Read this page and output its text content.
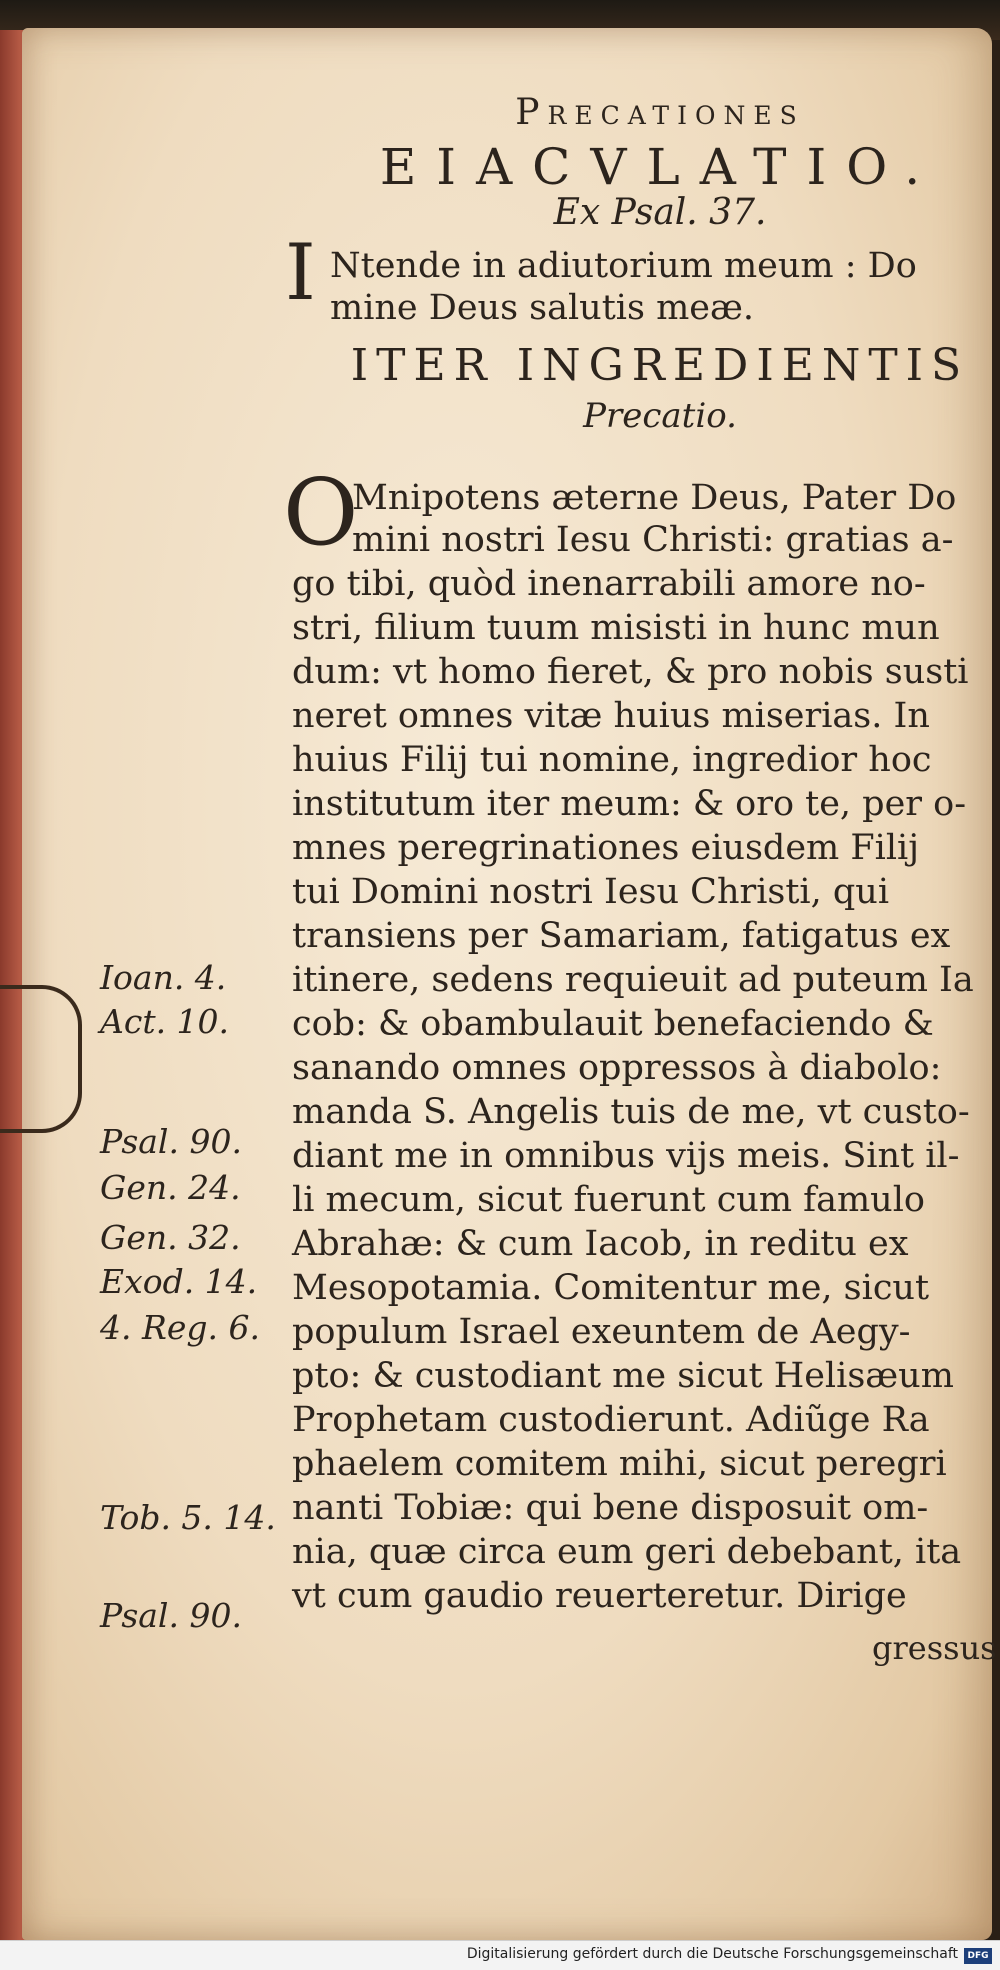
Precationes
EIACVLATIO.
Ex Psal. 37.
I Ntende in adiutorium meum : Do
mine Deus salutis meæ.
ITER INGREDIENTIS
Precatio.
O
Mnipotens æterne Deus, Pater Do
mini nostri Iesu Christi: gratias a-
go tibi, quòd inenarrabili amore no-
stri, filium tuum misisti in hunc mun
dum: vt homo fieret, & pro nobis susti
neret omnes vitæ huius miserias. In
huius Filij tui nomine, ingredior hoc
institutum iter meum: & oro te, per o-
mnes peregrinationes eiusdem Filij
tui Domini nostri Iesu Christi, qui
transiens per Samariam, fatigatus ex
itinere, sedens requieuit ad puteum Ia
cob: & obambulauit benefaciendo &
sanando omnes oppressos à diabolo:
manda S. Angelis tuis de me, vt custo-
diant me in omnibus vijs meis. Sint il-
li mecum, sicut fuerunt cum famulo
Abrahæ: & cum Iacob, in reditu ex
Mesopotamia. Comitentur me, sicut
populum Israel exeuntem de Aegy-
pto: & custodiant me sicut Helisæum
Prophetam custodierunt. Adiũge Ra
phaelem comitem mihi, sicut peregri
nanti Tobiæ: qui bene disposuit om-
nia, quæ circa eum geri debebant, ita
vt cum gaudio reuerteretur. Dirige
gressus
Ioan. 4.
Act. 10.
Psal. 90.
Gen. 24.
Gen. 32.
Exod. 14.
4. Reg. 6.
Tob. 5. 14.
Psal. 90.
Digitalisierung gefördert durch die Deutsche Forschungsgemeinschaft	DFG
